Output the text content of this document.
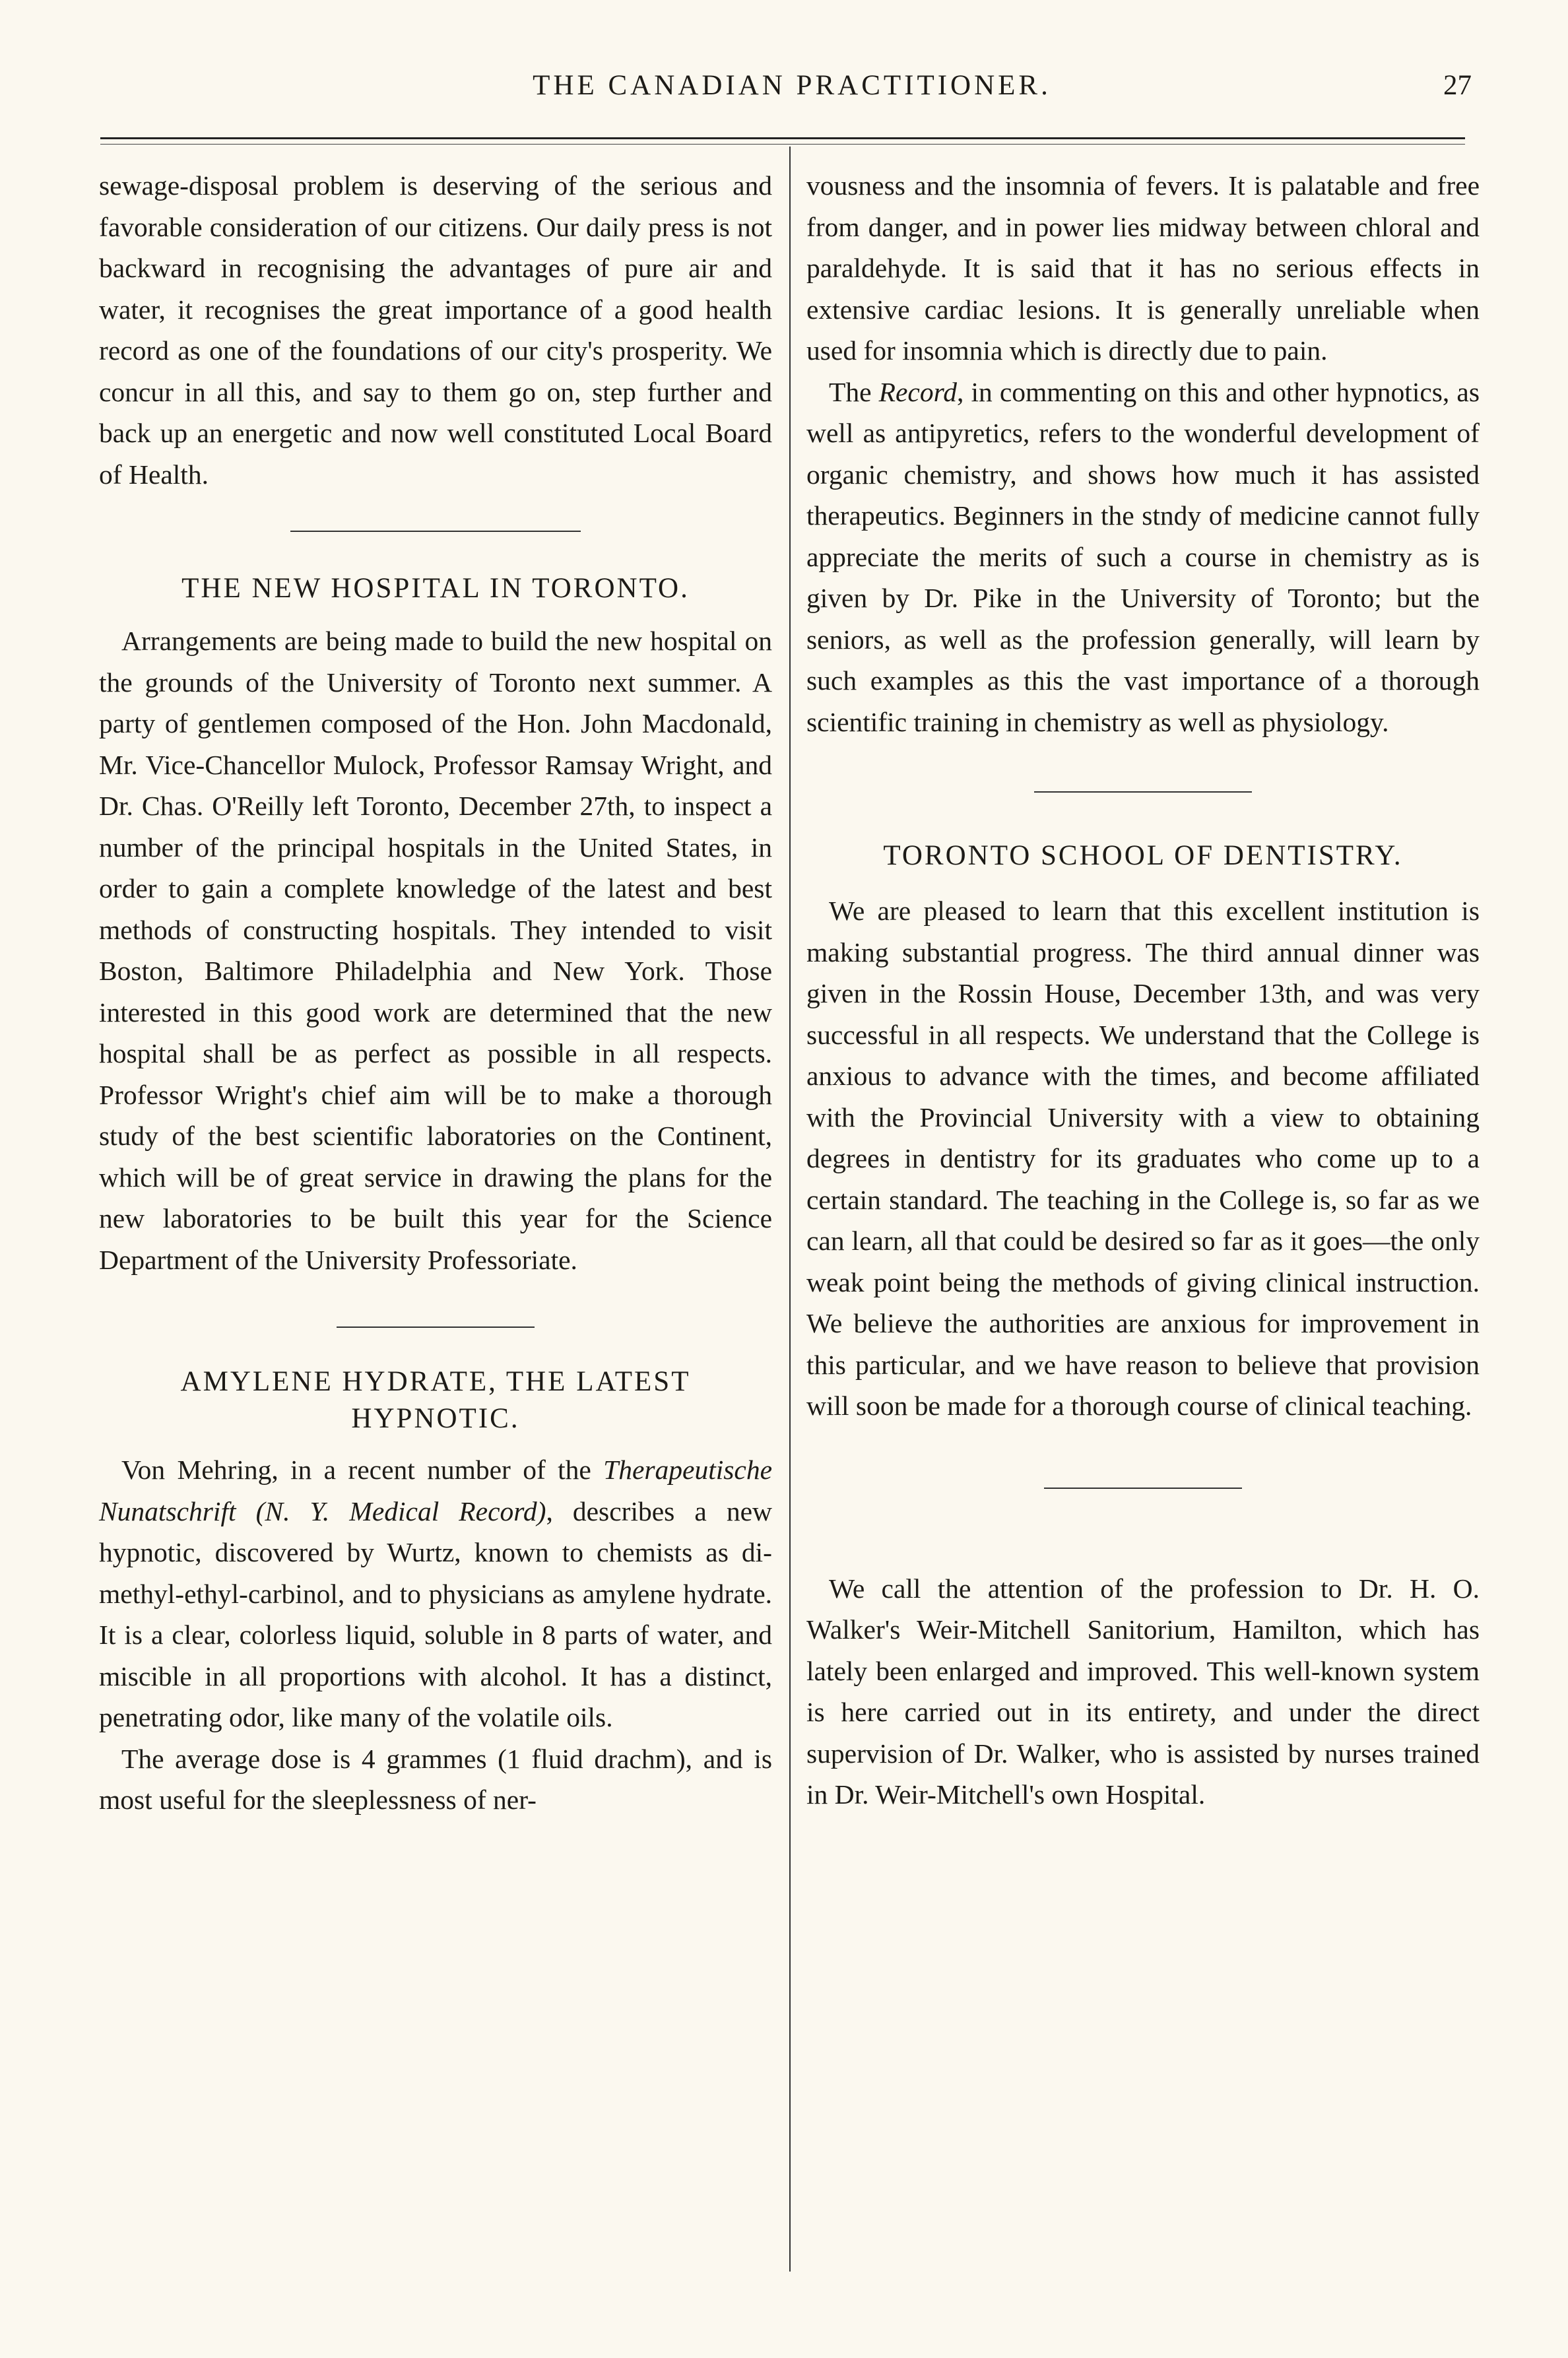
THE CANADIAN PRACTITIONER.	27

sewage-disposal problem is deserving of the serious and favorable consideration of our citizens. Our daily press is not backward in recognising the advantages of pure air and water, it recognises the great importance of a good health record as one of the foundations of our city's prosperity. We concur in all this, and say to them go on, step further and back up an energetic and now well constituted Local Board of Health.

THE NEW HOSPITAL IN TORONTO.

Arrangements are being made to build the new hospital on the grounds of the University of Toronto next summer. A party of gentlemen composed of the Hon. John Macdonald, Mr. Vice-Chancellor Mulock, Professor Ramsay Wright, and Dr. Chas. O'Reilly left Toronto, December 27th, to inspect a number of the principal hospitals in the United States, in order to gain a complete knowledge of the latest and best methods of constructing hospitals. They intended to visit Boston, Baltimore Philadelphia and New York. Those interested in this good work are determined that the new hospital shall be as perfect as possible in all respects. Professor Wright's chief aim will be to make a thorough study of the best scientific laboratories on the Continent, which will be of great service in drawing the plans for the new laboratories to be built this year for the Science Department of the University Professoriate.

AMYLENE HYDRATE, THE LATEST HYPNOTIC.

Von Mehring, in a recent number of the Therapeutische Nunatschrift (N. Y. Medical Record), describes a new hypnotic, discovered by Wurtz, known to chemists as di-methyl-ethyl-carbinol, and to physicians as amylene hydrate. It is a clear, colorless liquid, soluble in 8 parts of water, and miscible in all proportions with alcohol. It has a distinct, penetrating odor, like many of the volatile oils.

The average dose is 4 grammes (1 fluid drachm), and is most useful for the sleeplessness of ner-

vousness and the insomnia of fevers. It is palatable and free from danger, and in power lies midway between chloral and paraldehyde. It is said that it has no serious effects in extensive cardiac lesions. It is generally unreliable when used for insomnia which is directly due to pain.

The Record, in commenting on this and other hypnotics, as well as antipyretics, refers to the wonderful development of organic chemistry, and shows how much it has assisted therapeutics. Beginners in the stndy of medicine cannot fully appreciate the merits of such a course in chemistry as is given by Dr. Pike in the University of Toronto; but the seniors, as well as the profession generally, will learn by such examples as this the vast importance of a thorough scientific training in chemistry as well as physiology.

TORONTO SCHOOL OF DENTISTRY.

We are pleased to learn that this excellent institution is making substantial progress. The third annual dinner was given in the Rossin House, December 13th, and was very successful in all respects. We understand that the College is anxious to advance with the times, and become affiliated with the Provincial University with a view to obtaining degrees in dentistry for its graduates who come up to a certain standard. The teaching in the College is, so far as we can learn, all that could be desired so far as it goes—the only weak point being the methods of giving clinical instruction. We believe the authorities are anxious for improvement in this particular, and we have reason to believe that provision will soon be made for a thorough course of clinical teaching.

We call the attention of the profession to Dr. H. O. Walker's Weir-Mitchell Sanitorium, Hamilton, which has lately been enlarged and improved. This well-known system is here carried out in its entirety, and under the direct supervision of Dr. Walker, who is assisted by nurses trained in Dr. Weir-Mitchell's own Hospital.
